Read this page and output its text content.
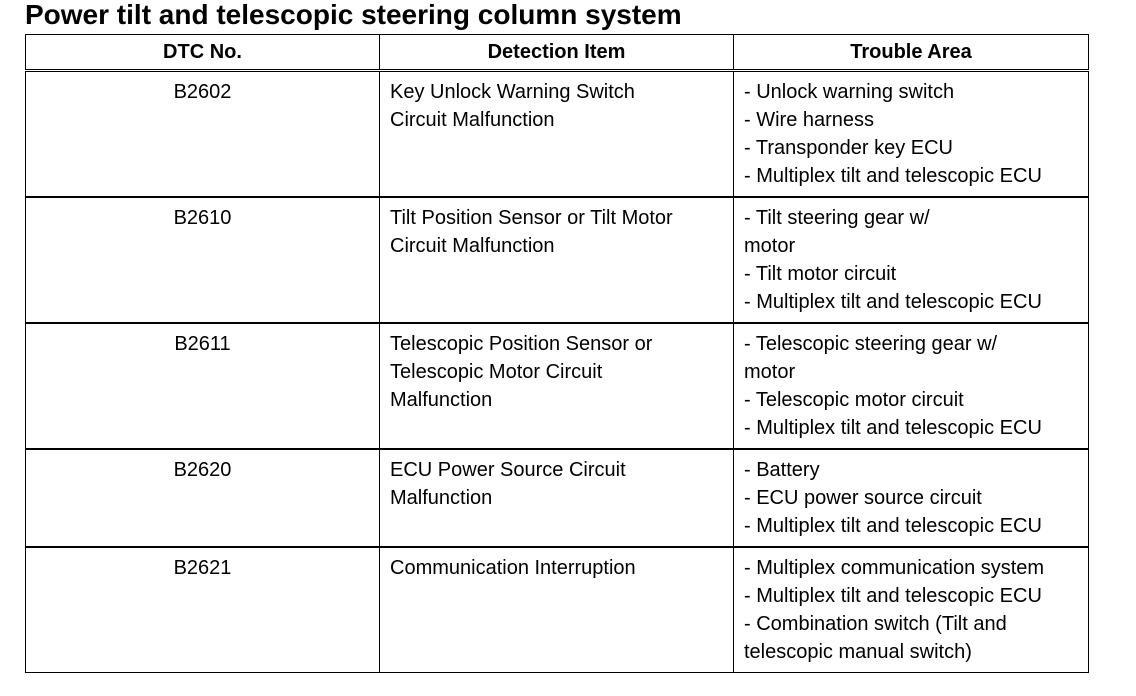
Power tilt and telescopic steering column system
DTC No.	Detection Item	Trouble Area

B2602	Key Unlock Warning Switch
Circuit Malfunction	- Unlock warning switch
- Wire harness
- Transponder key ECU
- Multiplex tilt and telescopic ECU

B2610	Tilt Position Sensor or Tilt Motor
Circuit Malfunction	- Tilt steering gear w/
motor
- Tilt motor circuit
- Multiplex tilt and telescopic ECU

B2611	Telescopic Position Sensor or
Telescopic Motor Circuit
Malfunction	- Telescopic steering gear w/
motor
- Telescopic motor circuit
- Multiplex tilt and telescopic ECU

B2620	ECU Power Source Circuit
Malfunction	- Battery
- ECU power source circuit
- Multiplex tilt and telescopic ECU

B2621	Communication Interruption	- Multiplex communication system
- Multiplex tilt and telescopic ECU
- Combination switch (Tilt and
telescopic manual switch)
